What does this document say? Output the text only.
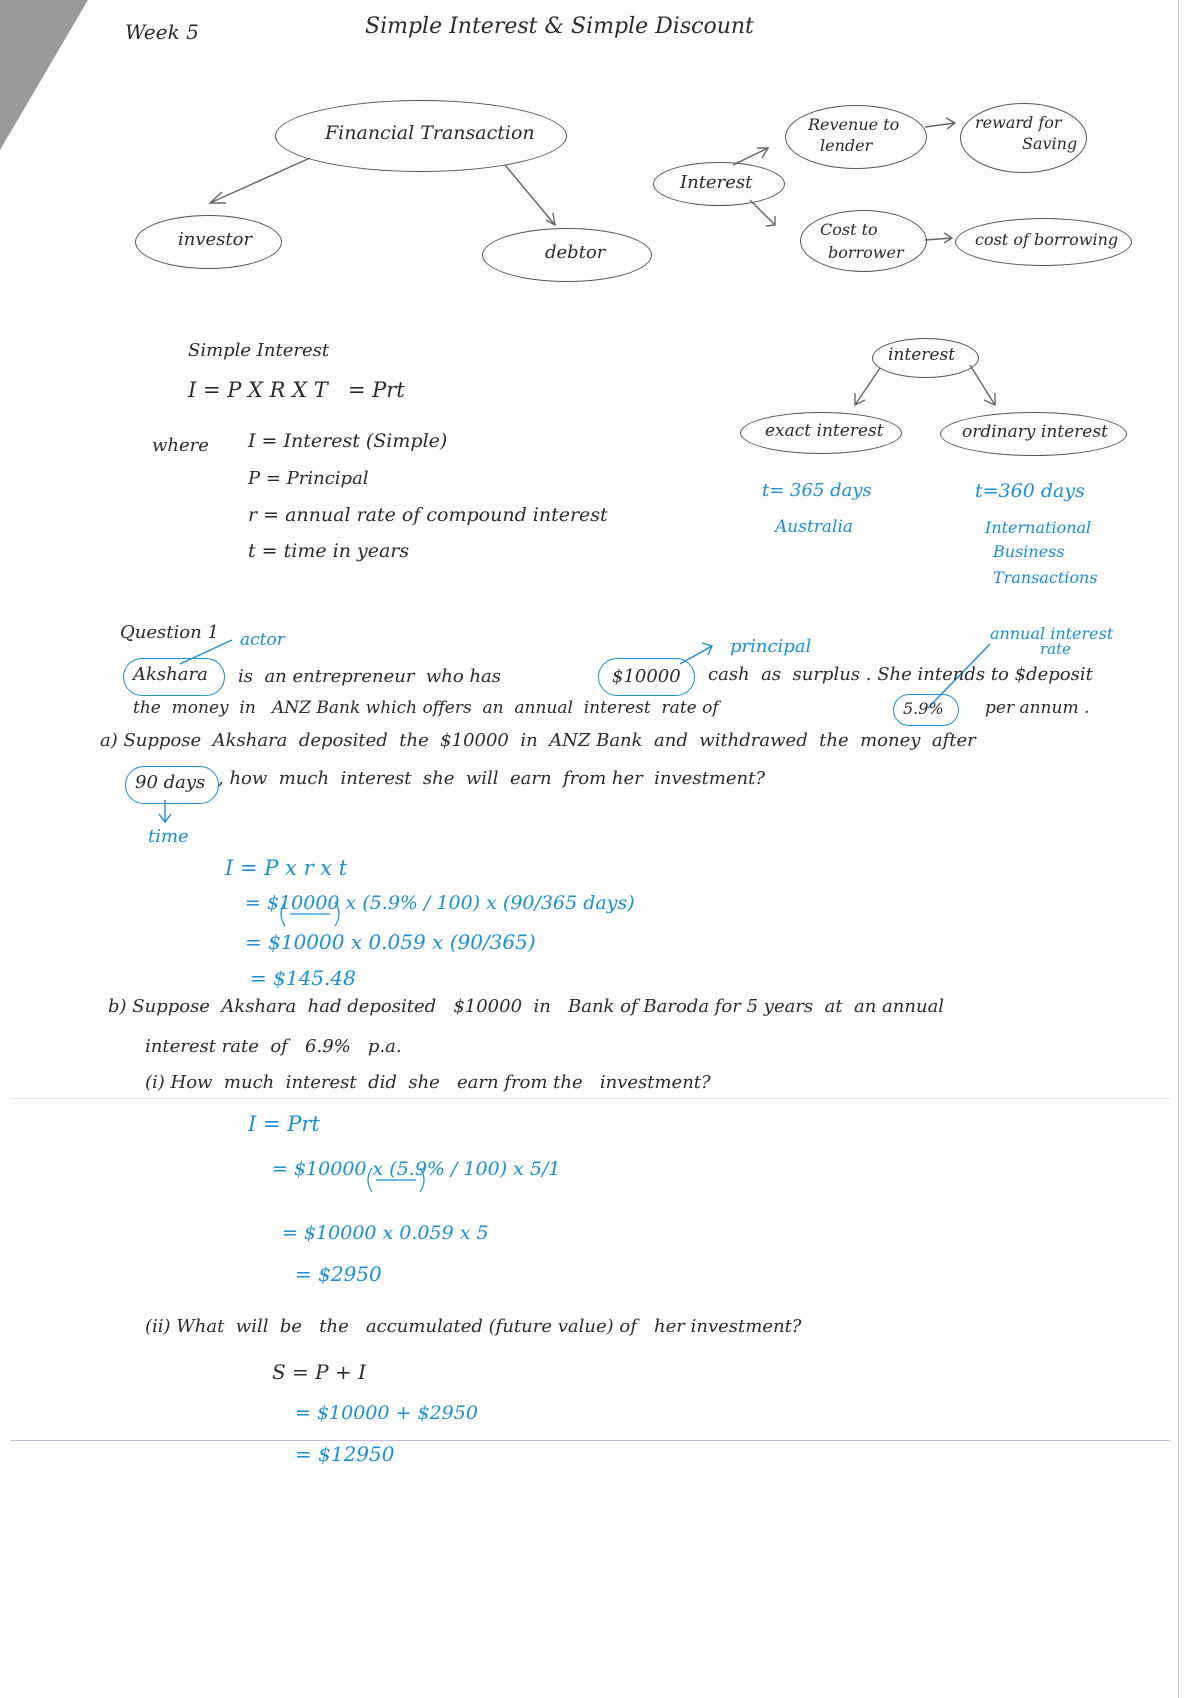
Week 5	Simple Interest & Simple Discount
Financial Transaction
investor
debtor
Interest
Revenue to
lender
reward for
Saving
Cost to
borrower
cost of borrowing
Simple Interest
I = P X R X T   = Prt
where I = Interest (Simple)
P = Principal
r = annual rate of compound interest
t = time in years
interest
exact interest	ordinary interest
t= 365 days
Australia
t=360 days
International
Business
Transactions
Question 1 actor	principal
annual interest
rate
Akshara is  an entrepreneur  who has	$10000 cash  as  surplus . She intends to $deposit
the  money  in   ANZ Bank which offers  an  annual  interest  rate of	5.9% per annum .
a) Suppose  Akshara  deposited  the  $10000  in  ANZ Bank  and  withdrawed  the  money  after
90 days , how  much  interest  she  will  earn  from her  investment?
time
I = P x r x t
= $10000 x (5.9% / 100) x (90/365 days)
= $10000 x 0.059 x (90/365)
= $145.48
b) Suppose  Akshara  had deposited   $10000  in   Bank of Baroda for 5 years  at  an annual
interest rate  of   6.9%   p.a.
(i) How  much  interest  did  she   earn from the   investment?
I = Prt
= $10000 x (5.9% / 100) x 5/1
= $10000 x 0.059 x 5
= $2950
(ii) What  will  be   the   accumulated (future value) of   her investment?
S = P + I
= $10000 + $2950
= $12950
